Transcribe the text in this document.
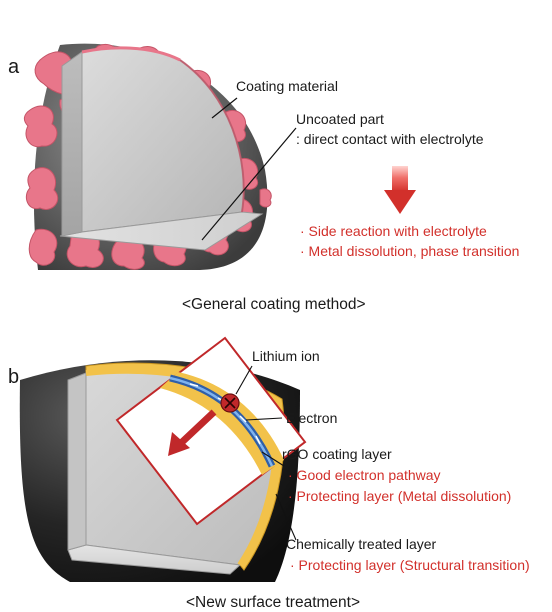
a
Coating material
Uncoated part
: direct contact with electrolyte
· Side reaction with electrolyte
· Metal dissolution, phase transition
<General coating method>
b
Lithium ion
Electron
rGO coating layer
· Good electron pathway
· Protecting layer (Metal dissolution)
Chemically treated layer
· Protecting layer (Structural transition)
<New surface treatment>
